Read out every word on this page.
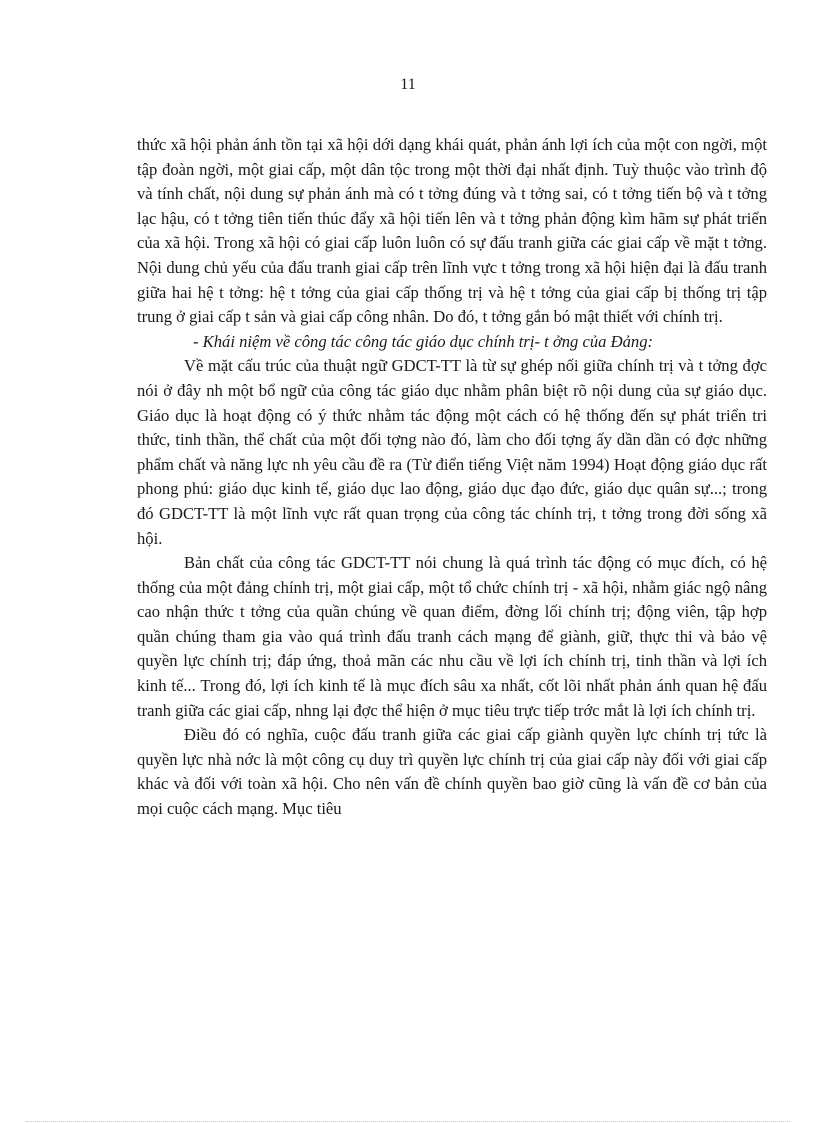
11

thức xã hội phản ánh tồn tại xã hội dới dạng khái quát, phản ánh lợi ích của một con ngời, một tập đoàn ngời, một giai cấp, một dân tộc trong một thời đại nhất định. Tuỳ thuộc vào trình độ và tính chất, nội dung sự phản ánh mà có t tởng đúng và t tởng sai, có t tởng tiến bộ và t tởng lạc hậu, có t tởng tiên tiến thúc đẩy xã hội tiến lên và t tởng phản động kìm hãm sự phát triển của xã hội. Trong xã hội có giai cấp luôn luôn có sự đấu tranh giữa các giai cấp về mặt t tởng. Nội dung chủ yếu của đấu tranh giai cấp trên lĩnh vực t tởng trong xã hội hiện đại là đấu tranh giữa hai hệ t tởng: hệ t tởng của giai cấp thống trị và hệ t tởng của giai cấp bị thống trị tập trung ở giai cấp t sản và giai cấp công nhân. Do đó, t tởng gắn bó mật thiết với chính trị.

- Khái niệm về công tác công tác giáo dục chính trị- t ởng của Đảng:

Về mặt cấu trúc của thuật ngữ GDCT-TT là từ sự ghép nối giữa chính trị và t tởng đợc nói ở đây nh một bổ ngữ của công tác giáo dục nhằm phân biệt rõ nội dung của sự giáo dục. Giáo dục là hoạt động có ý thức nhằm tác động một cách có hệ thống đến sự phát triển tri thức, tinh thần, thể chất của một đối tợng nào đó, làm cho đối tợng ấy dần dần có đợc những phẩm chất và năng lực nh yêu cầu đề ra (Từ điển tiếng Việt năm 1994) Hoạt động giáo dục rất phong phú: giáo dục kinh tế, giáo dục lao động, giáo dục đạo đức, giáo dục quân sự...; trong đó GDCT-TT là một lĩnh vực rất quan trọng của công tác chính trị, t tởng trong đời sống xã hội.

Bản chất của công tác GDCT-TT nói chung là quá trình tác động có mục đích, có hệ thống của một đảng chính trị, một giai cấp, một tổ chức chính trị - xã hội, nhằm giác ngộ nâng cao nhận thức t tởng của quần chúng về quan điểm, đờng lối chính trị; động viên, tập hợp quần chúng tham gia vào quá trình đấu tranh cách mạng để giành, giữ, thực thi và bảo vệ quyền lực chính trị; đáp ứng, thoả mãn các nhu cầu về lợi ích chính trị, tinh thần và lợi ích kinh tế... Trong đó, lợi ích kinh tế là mục đích sâu xa nhất, cốt lõi nhất phản ánh quan hệ đấu tranh giữa các giai cấp, nhng lại đợc thể hiện ở mục tiêu trực tiếp trớc mắt là lợi ích chính trị.

Điều đó có nghĩa, cuộc đấu tranh giữa các giai cấp giành quyền lực chính trị tức là quyền lực nhà nớc là một công cụ duy trì quyền lực chính trị của giai cấp này đối với giai cấp khác và đối với toàn xã hội. Cho nên vấn đề chính quyền bao giờ cũng là vấn đề cơ bản của mọi cuộc cách mạng. Mục tiêu
